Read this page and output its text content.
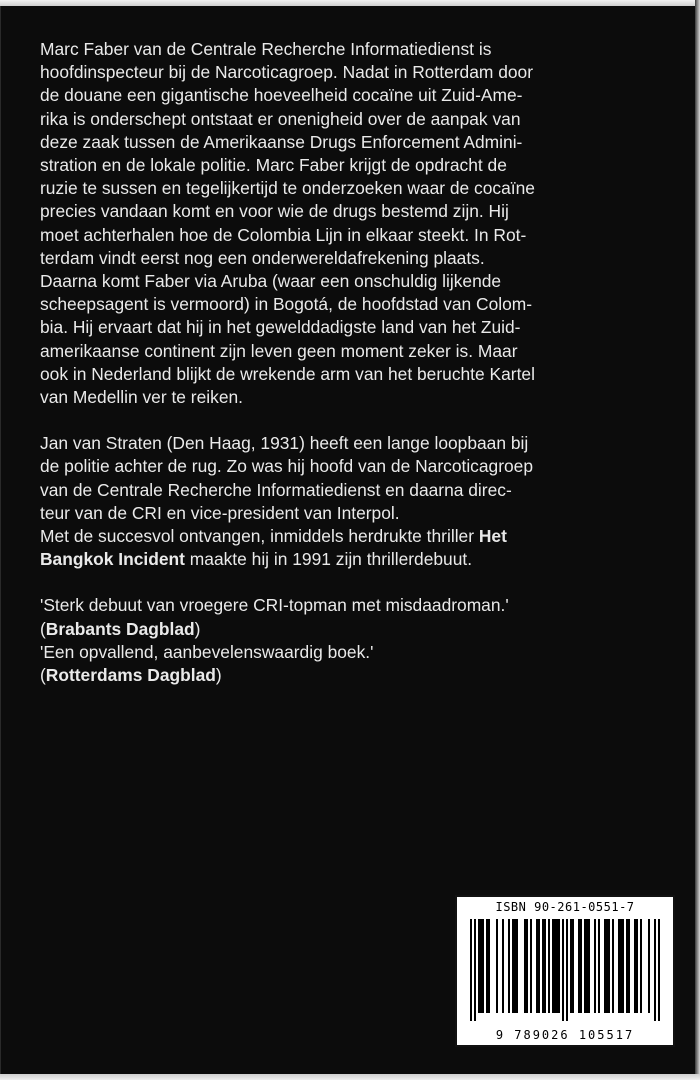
Marc Faber van de Centrale Recherche Informatiedienst is
hoofdinspecteur bij de Narcoticagroep. Nadat in Rotterdam door
de douane een gigantische hoeveelheid cocaïne uit Zuid-Ame-
rika is onderschept ontstaat er onenigheid over de aanpak van
deze zaak tussen de Amerikaanse Drugs Enforcement Admini-
stration en de lokale politie. Marc Faber krijgt de opdracht de
ruzie te sussen en tegelijkertijd te onderzoeken waar de cocaïne
precies vandaan komt en voor wie de drugs bestemd zijn. Hij
moet achterhalen hoe de Colombia Lijn in elkaar steekt. In Rot-
terdam vindt eerst nog een onderwereldafrekening plaats.
Daarna komt Faber via Aruba (waar een onschuldig lijkende
scheepsagent is vermoord) in Bogotá, de hoofdstad van Colom-
bia. Hij ervaart dat hij in het gewelddadigste land van het Zuid-
amerikaanse continent zijn leven geen moment zeker is. Maar
ook in Nederland blijkt de wrekende arm van het beruchte Kartel
van Medellin ver te reiken.

Jan van Straten (Den Haag, 1931) heeft een lange loopbaan bij
de politie achter de rug. Zo was hij hoofd van de Narcoticagroep
van de Centrale Recherche Informatiedienst en daarna direc-
teur van de CRI en vice-president van Interpol.
Met de succesvol ontvangen, inmiddels herdrukte thriller Het
Bangkok Incident maakte hij in 1991 zijn thrillerdebuut.

'Sterk debuut van vroegere CRI-topman met misdaadroman.'
(Brabants Dagblad)
'Een opvallend, aanbevelenswaardig boek.'
(Rotterdams Dagblad)

ISBN 90-261-0551-7
9 789026 105517
